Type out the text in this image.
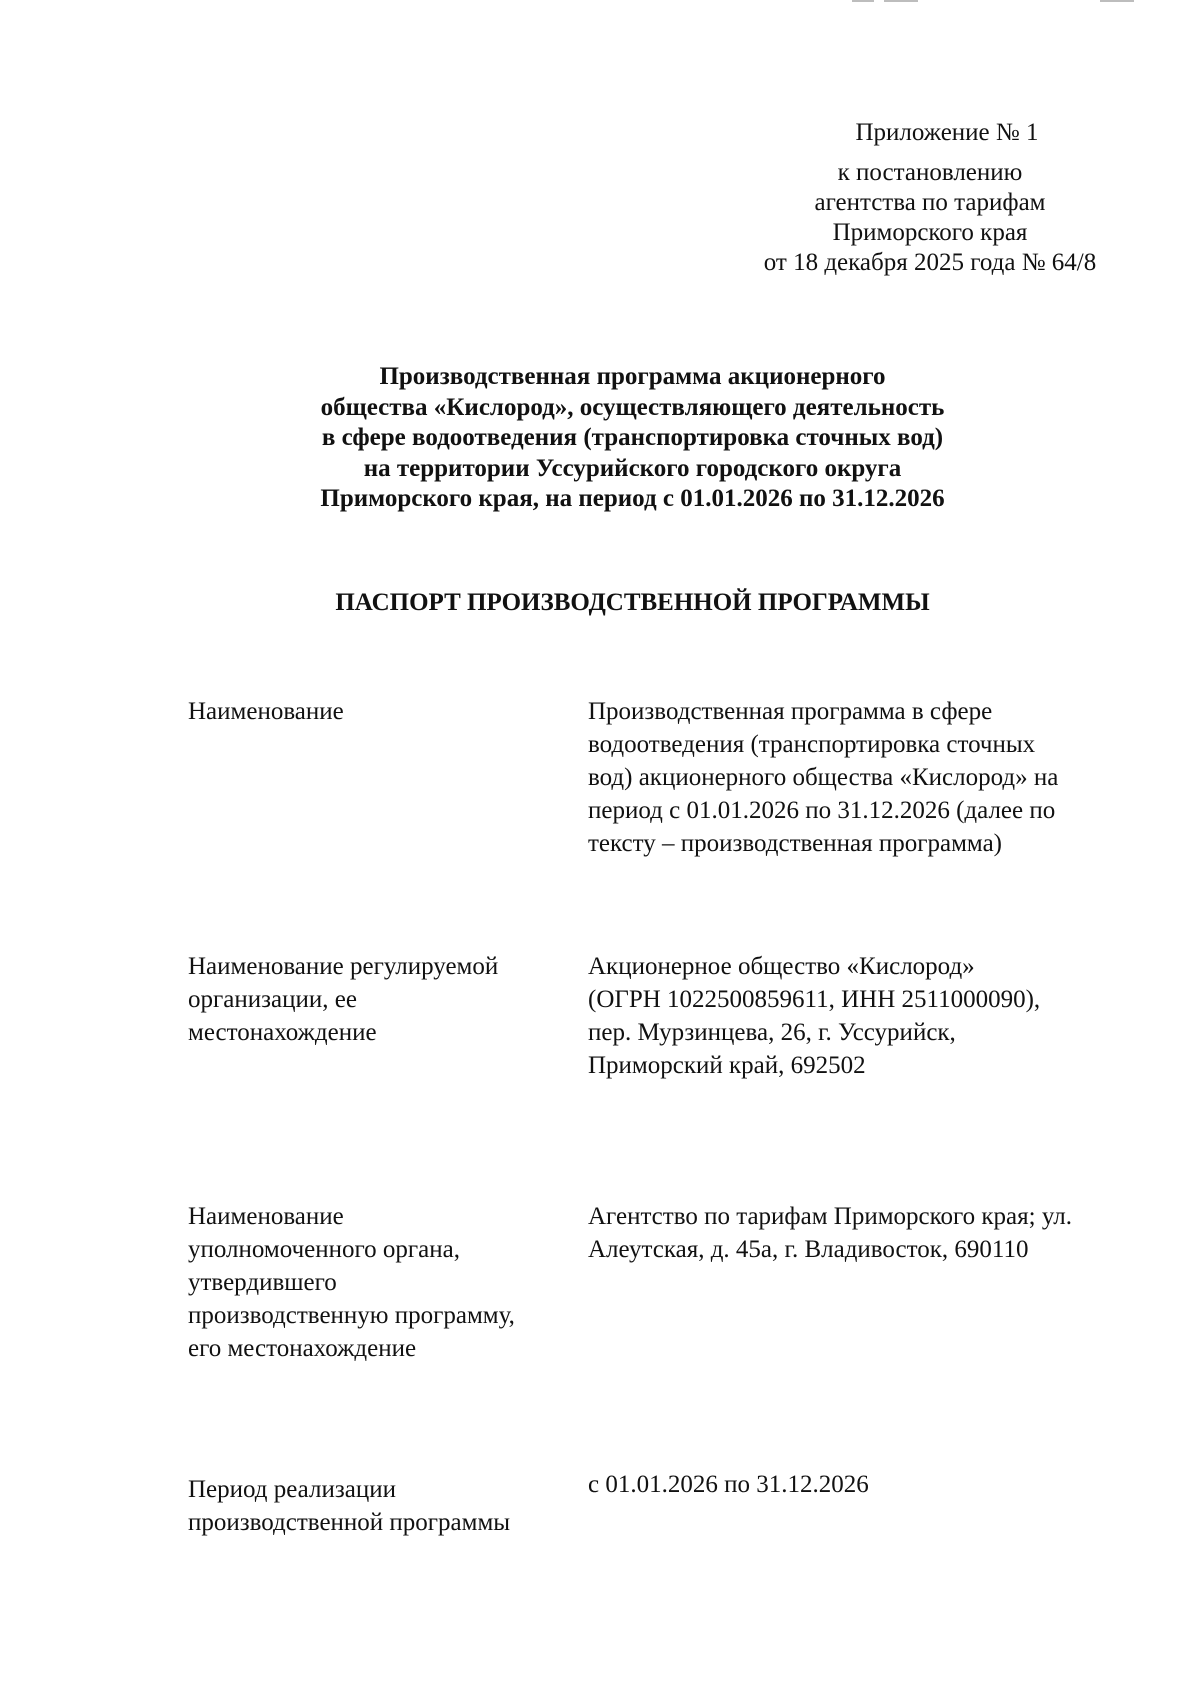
Приложение № 1
к постановлению
агентства по тарифам
Приморского края
от 18 декабря 2025 года № 64/8
Производственная программа акционерного
общества «Кислород», осуществляющего деятельность
в сфере водоотведения (транспортировка сточных вод)
на территории Уссурийского городского округа
Приморского края, на период с 01.01.2026 по 31.12.2026
ПАСПОРТ ПРОИЗВОДСТВЕННОЙ ПРОГРАММЫ
Наименование	Производственная программа в сфере
водоотведения (транспортировка сточных
вод) акционерного общества «Кислород» на
период с 01.01.2026 по 31.12.2026 (далее по
тексту – производственная программа)
Наименование регулируемой
организации, ее
местонахождение
Акционерное общество «Кислород»
(ОГРН 1022500859611, ИНН 2511000090),
пер. Мурзинцева, 26, г. Уссурийск,
Приморский край, 692502
Наименование
уполномоченного органа,
утвердившего
производственную программу,
его местонахождение
Агентство по тарифам Приморского края; ул.
Алеутская, д. 45а, г. Владивосток, 690110
Период реализации
производственной программы
с 01.01.2026 по 31.12.2026
